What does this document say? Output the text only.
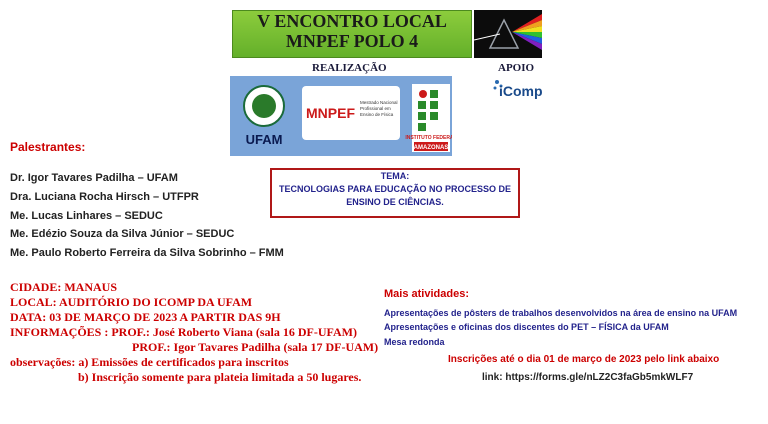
V ENCONTRO LOCAL
MNPEF POLO 4
REALIZAÇÃO	APOIO
UFAM
MNPEF
Mestrado Nacional Profissional em Ensino de Física
INSTITUTO FEDERAL
AMAZONAS
iComp
Palestrantes:
Dr. Igor Tavares Padilha – UFAM
Dra. Luciana Rocha Hirsch – UTFPR
Me. Lucas Linhares – SEDUC
Me. Edézio Souza da Silva Júnior – SEDUC
Me. Paulo Roberto Ferreira da Silva Sobrinho – FMM
TEMA:
TECNOLOGIAS PARA EDUCAÇÃO NO PROCESSO DE
ENSINO DE CIÊNCIAS.
CIDADE: MANAUS
LOCAL: AUDITÓRIO DO ICOMP DA UFAM
DATA: 03 DE MARÇO DE 2023 A PARTIR DAS 9H
INFORMAÇÕES : PROF.: José Roberto Viana (sala 16 DF-UFAM)
PROF.: Igor Tavares Padilha (sala 17 DF-UAM)
observações: a) Emissões de certificados para inscritos
b) Inscrição somente para plateia limitada a 50 lugares.
Mais atividades:
Apresentações de pôsters de trabalhos desenvolvidos na área de ensino na UFAM
Apresentações e oficinas dos discentes do PET – FÍSICA da UFAM
Mesa redonda
Inscrições até o dia 01 de março de 2023 pelo link abaixo
link: https://forms.gle/nLZ2C3faGb5mkWLF7
